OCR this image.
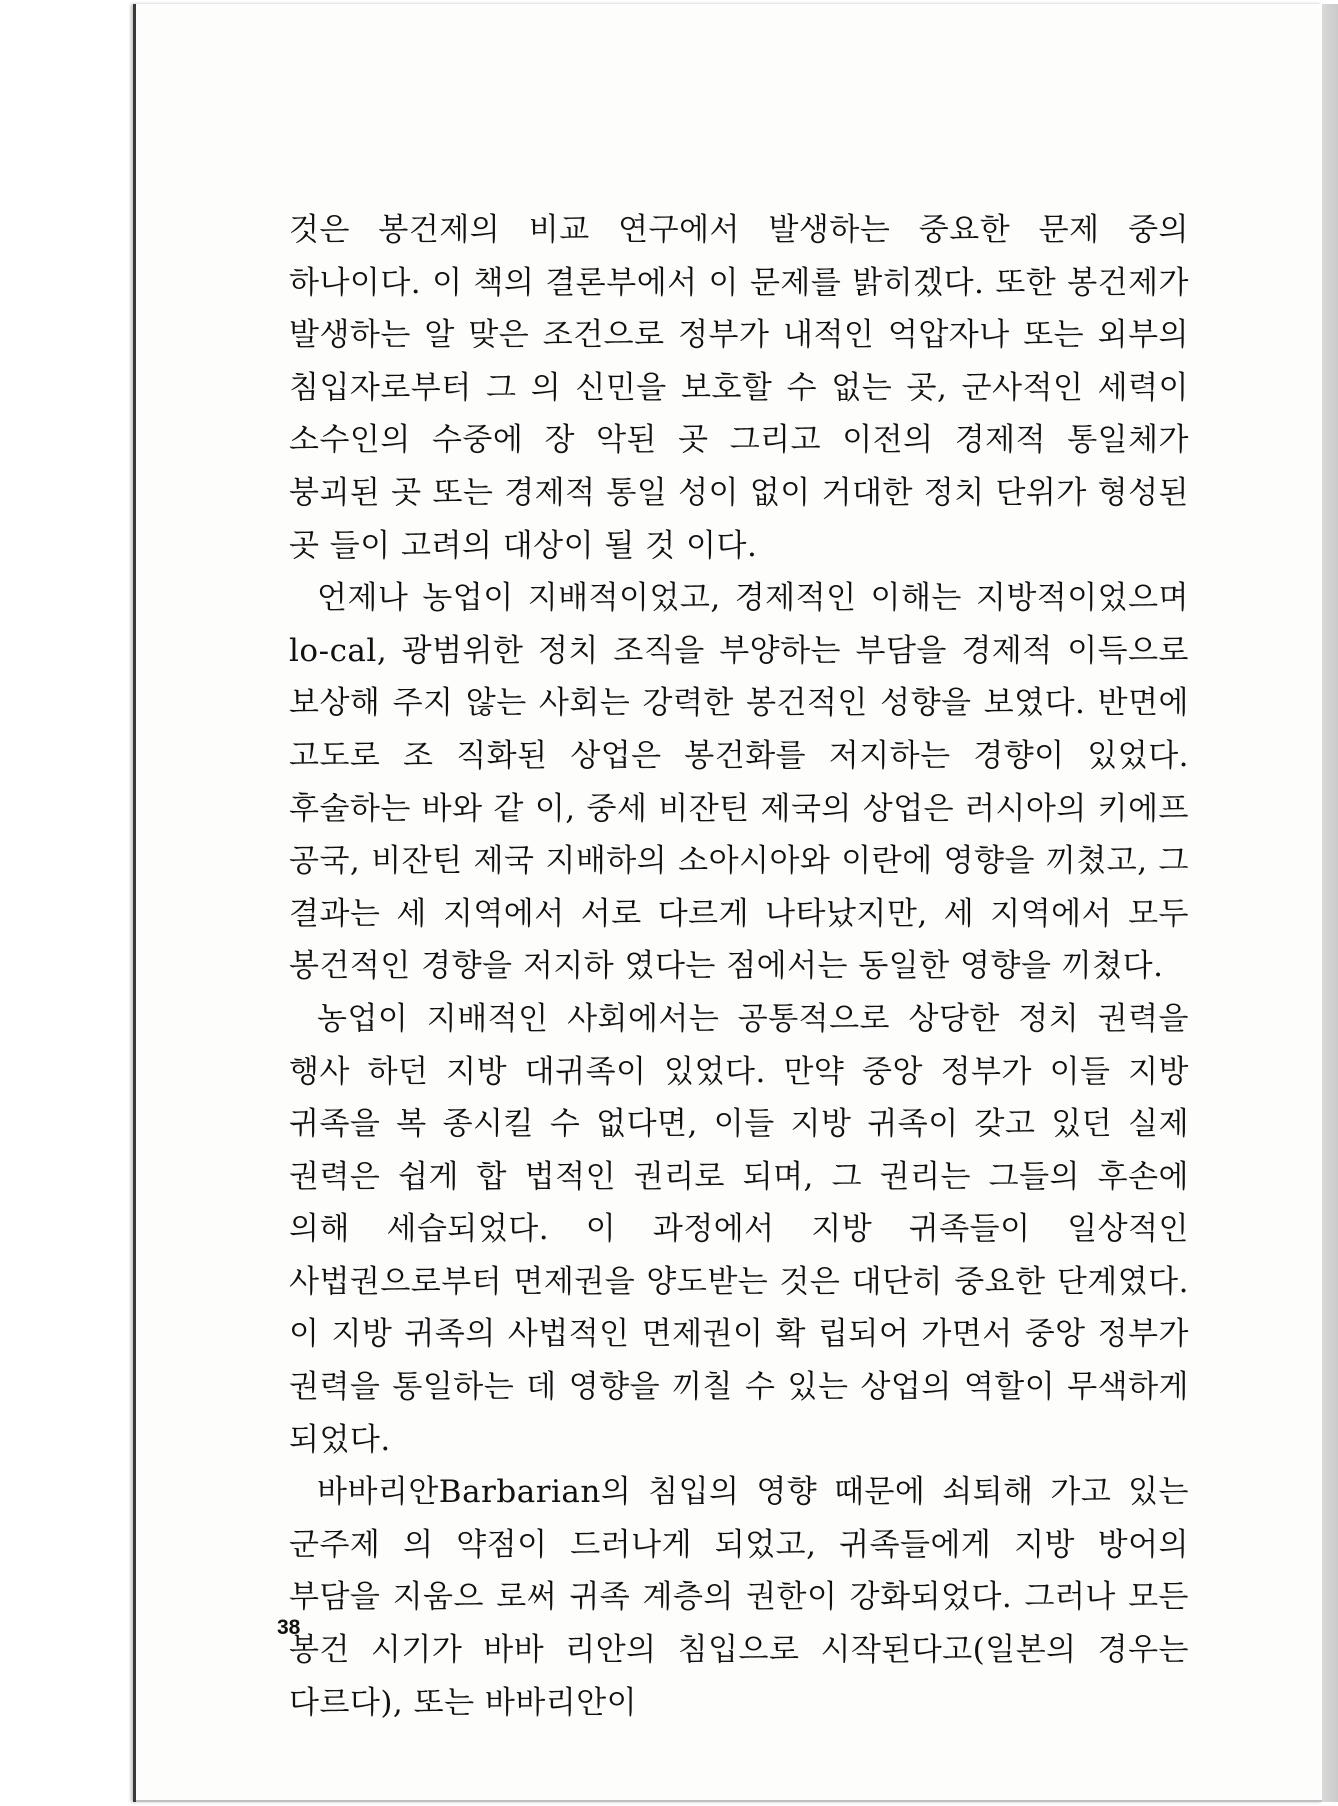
것은 봉건제의 비교 연구에서 발생하는 중요한 문제 중의 하나이다. 이 책의 결론부에서 이 문제를 밝히겠다. 또한 봉건제가 발생하는 알 맞은 조건으로 정부가 내적인 억압자나 또는 외부의 침입자로부터 그 의 신민을 보호할 수 없는 곳, 군사적인 세력이 소수인의 수중에 장 악된 곳 그리고 이전의 경제적 통일체가 붕괴된 곳 또는 경제적 통일 성이 없이 거대한 정치 단위가 형성된 곳 들이 고려의 대상이 될 것 이다.

언제나 농업이 지배적이었고, 경제적인 이해는 지방적이었으며 lo-cal, 광범위한 정치 조직을 부양하는 부담을 경제적 이득으로 보상해 주지 않는 사회는 강력한 봉건적인 성향을 보였다. 반면에 고도로 조 직화된 상업은 봉건화를 저지하는 경향이 있었다. 후술하는 바와 같 이, 중세 비잔틴 제국의 상업은 러시아의 키에프 공국, 비잔틴 제국 지배하의 소아시아와 이란에 영향을 끼쳤고, 그 결과는 세 지역에서 서로 다르게 나타났지만, 세 지역에서 모두 봉건적인 경향을 저지하 였다는 점에서는 동일한 영향을 끼쳤다.

농업이 지배적인 사회에서는 공통적으로 상당한 정치 권력을 행사 하던 지방 대귀족이 있었다. 만약 중앙 정부가 이들 지방 귀족을 복 종시킬 수 없다면, 이들 지방 귀족이 갖고 있던 실제 권력은 쉽게 합 법적인 권리로 되며, 그 권리는 그들의 후손에 의해 세습되었다. 이 과정에서 지방 귀족들이 일상적인 사법권으로부터 면제권을 양도받는 것은 대단히 중요한 단계였다. 이 지방 귀족의 사법적인 면제권이 확 립되어 가면서 중앙 정부가 권력을 통일하는 데 영향을 끼칠 수 있는 상업의 역할이 무색하게 되었다.

바바리안Barbarian의 침입의 영향 때문에 쇠퇴해 가고 있는 군주제 의 약점이 드러나게 되었고, 귀족들에게 지방 방어의 부담을 지움으 로써 귀족 계층의 권한이 강화되었다. 그러나 모든 봉건 시기가 바바 리안의 침입으로 시작된다고(일본의 경우는 다르다), 또는 바바리안이

38
